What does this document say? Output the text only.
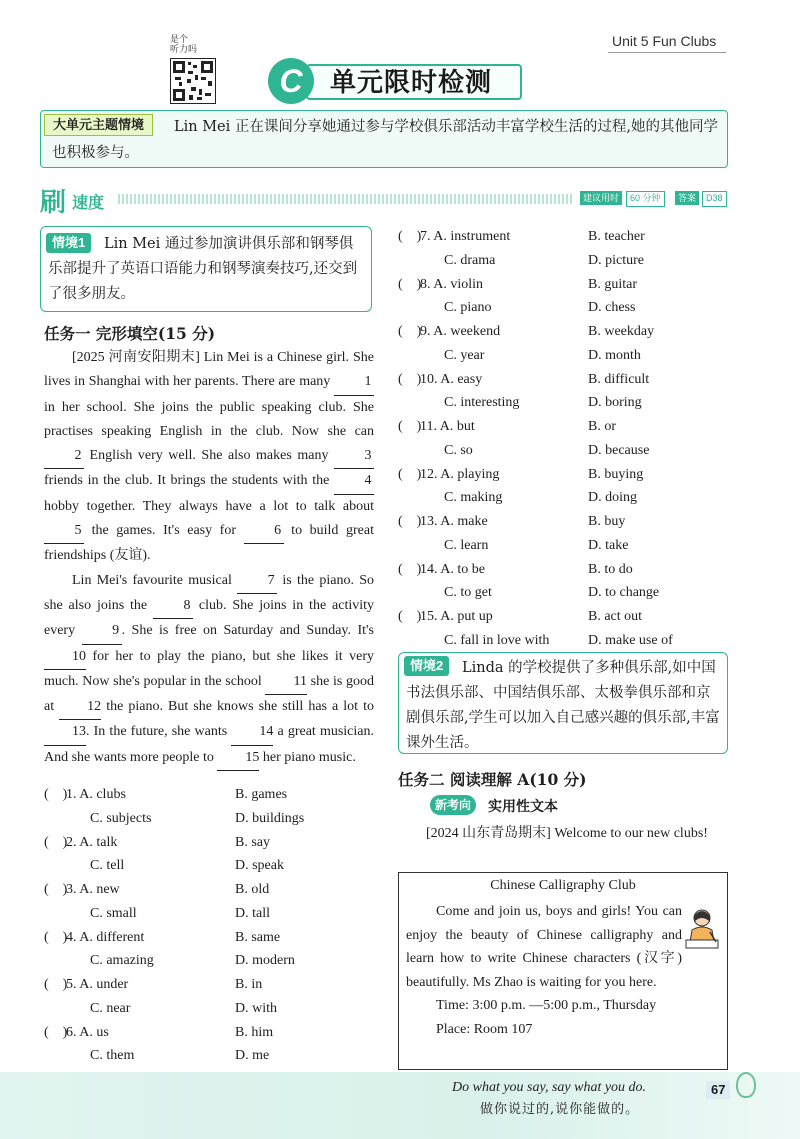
是个
听力吗	Unit 5 Fun Clubs
单元限时检测
C
Lin Mei 正在课间分享她通过参与学校俱乐部活动丰富学校生活的过程,她的其他同学也积极参与。
大单元主题情境
刷 速度	建议用时	60 分钟	答案	D38
Lin Mei 通过参加演讲俱乐部和钢琴俱乐部提升了英语口语能力和钢琴演奏技巧,还交到了很多朋友。
情境1
任务一 完形填空(15 分)

[2025 河南安阳期末] Lin Mei is a Chinese girl. She lives in Shanghai with her parents. There are many 1 in her school. She joins the public speaking club. She practises speaking English in the club. Now she can 2 English very well. She also makes many 3 friends in the club. It brings the students with the 4 hobby together. They always have a lot to talk about 5 the games. It's easy for 6 to build great friendships (友谊).

Lin Mei's favourite musical 7 is the piano. So she also joins the 8 club. She joins in the activity every 9 . She is free on Saturday and Sunday. It's 10 for her to play the piano, but she likes it very much. Now she's popular in the school 11 she is good at 12 the piano. But she knows she still has a lot to 13. In the future, she wants 14 a great musician. And she wants more people to 15 her piano music.

( )
1. A. clubs	B. games
C. subjects	D. buildings
( )
2. A. talk	B. say
C. tell	D. speak
( )
3. A. new	B. old
C. small	D. tall
( )
4. A. different	B. same
C. amazing	D. modern
( )
5. A. under	B. in
C. near	D. with
( )
6. A. us	B. him
C. them	D. me
( )
7. A. instrument	B. teacher
C. drama	D. picture
( )
8. A. violin	B. guitar
C. piano	D. chess
( )
9. A. weekend	B. weekday
C. year	D. month
( )
10. A. easy	B. difficult
C. interesting	D. boring
( )
11. A. but	B. or
C. so	D. because
( )
12. A. playing	B. buying
C. making	D. doing
( )
13. A. make	B. buy
C. learn	D. take
( )
14. A. to be	B. to do
C. to get	D. to change
( )
15. A. put up	B. act out
C. fall in love with	D. make use of
Linda 的学校提供了多种俱乐部,如中国书法俱乐部、中国结俱乐部、太极拳俱乐部和京剧俱乐部,学生可以加入自己感兴趣的俱乐部,丰富课外生活。
情境2
任务二 阅读理解 A(10 分)
新考向	实用性文本
[2024 山东青岛期末] Welcome to our new clubs!
Chinese Calligraphy Club
Come and join us, boys and girls! You can enjoy the beauty of Chinese calligraphy and learn how to write Chinese characters (汉字) beautifully. Ms Zhao is waiting for you here.
Time: 3:00 p.m. —5:00 p.m., Thursday
Place: Room 107
Do what you say, say what you do.
做你说过的,说你能做的。
67
